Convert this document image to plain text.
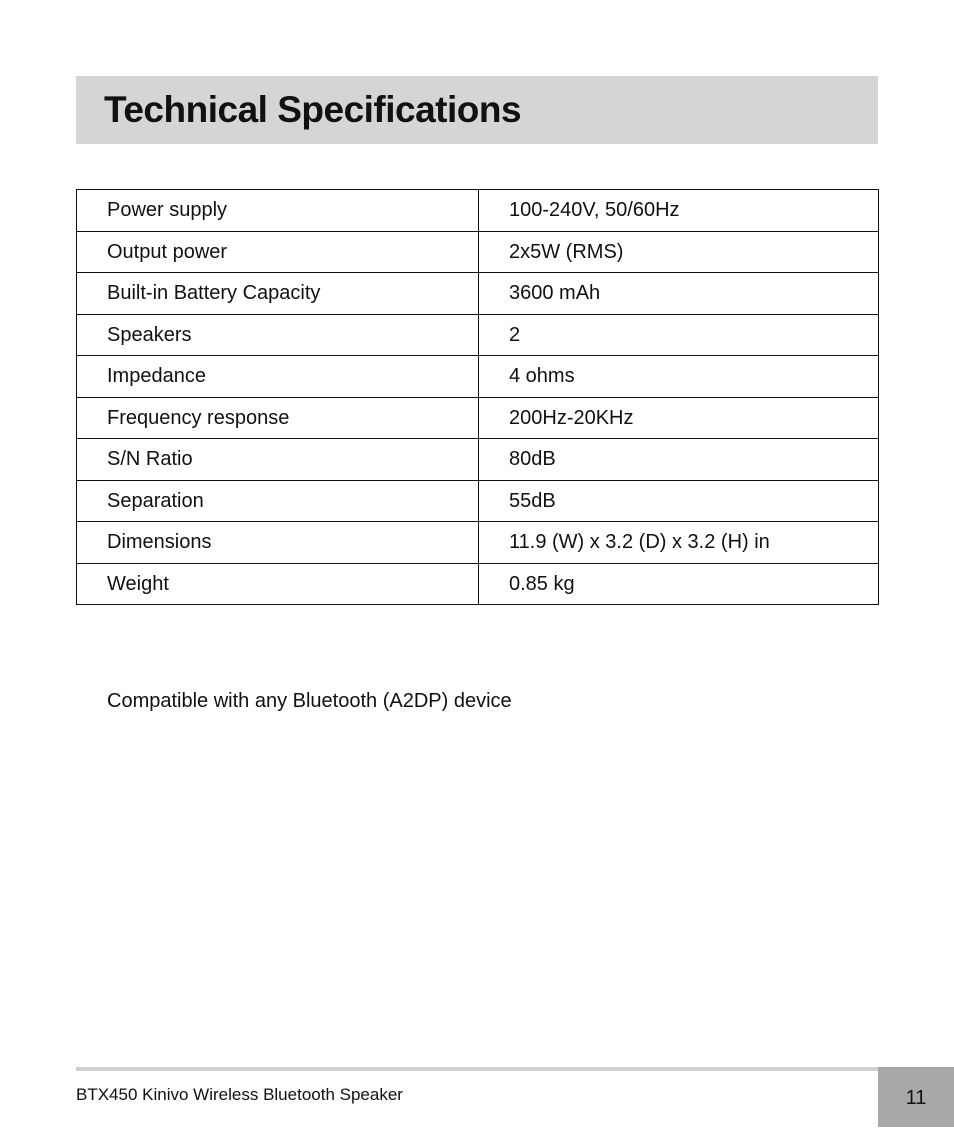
Technical Specifications
Power supply	100-240V, 50/60Hz
Output power	2x5W (RMS)
Built-in Battery Capacity	3600 mAh
Speakers	2
Impedance	4 ohms
Frequency response	200Hz-20KHz
S/N Ratio	80dB
Separation	55dB
Dimensions	11.9 (W) x 3.2 (D) x 3.2 (H) in
Weight	0.85 kg

Compatible with any Bluetooth (A2DP) device

BTX450 Kinivo Wireless Bluetooth Speaker	11
